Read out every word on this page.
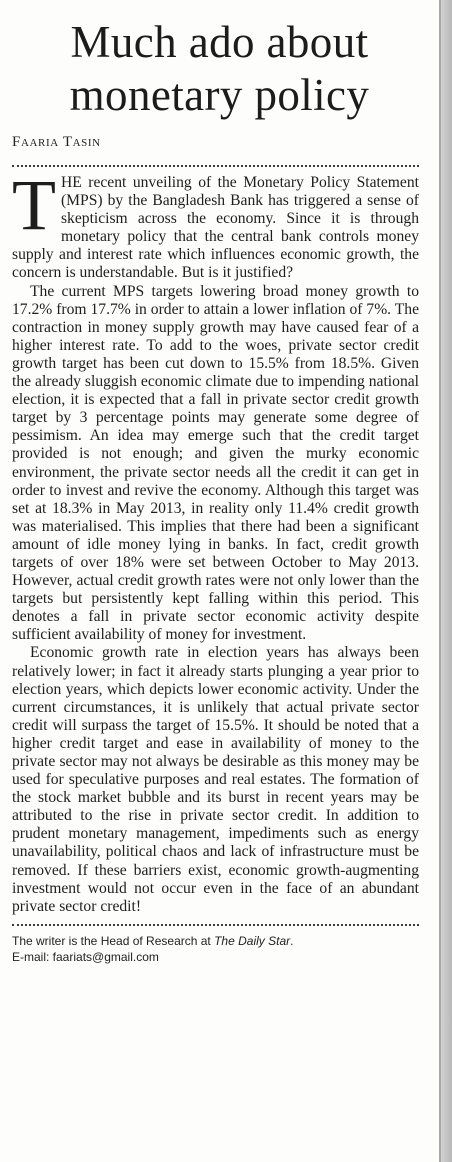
Much ado about monetary policy
Faaria Tasin

THE recent unveiling of the Monetary Policy Statement (MPS) by the Bangladesh Bank has triggered a sense of skepticism across the economy. Since it is through monetary policy that the central bank controls money supply and interest rate which influences economic growth, the concern is understandable. But is it justified?

The current MPS targets lowering broad money growth to 17.2% from 17.7% in order to attain a lower inflation of 7%. The contraction in money supply growth may have caused fear of a higher interest rate. To add to the woes, private sector credit growth target has been cut down to 15.5% from 18.5%. Given the already sluggish economic climate due to impending national election, it is expected that a fall in private sector credit growth target by 3 percentage points may generate some degree of pessimism. An idea may emerge such that the credit target provided is not enough; and given the murky economic environment, the private sector needs all the credit it can get in order to invest and revive the economy. Although this target was set at 18.3% in May 2013, in reality only 11.4% credit growth was materialised. This implies that there had been a significant amount of idle money lying in banks. In fact, credit growth targets of over 18% were set between October to May 2013. However, actual credit growth rates were not only lower than the targets but persistently kept falling within this period. This denotes a fall in private sector economic activity despite sufficient availability of money for investment.

Economic growth rate in election years has always been relatively lower; in fact it already starts plunging a year prior to election years, which depicts lower economic activity. Under the current circumstances, it is unlikely that actual private sector credit will surpass the target of 15.5%. It should be noted that a higher credit target and ease in availability of money to the private sector may not always be desirable as this money may be used for speculative purposes and real estates. The formation of the stock market bubble and its burst in recent years may be attributed to the rise in private sector credit. In addition to prudent monetary management, impediments such as energy unavailability, political chaos and lack of infrastructure must be removed. If these barriers exist, economic growth-augmenting investment would not occur even in the face of an abundant private sector credit!

The writer is the Head of Research at The Daily Star.
E-mail: faariats@gmail.com
